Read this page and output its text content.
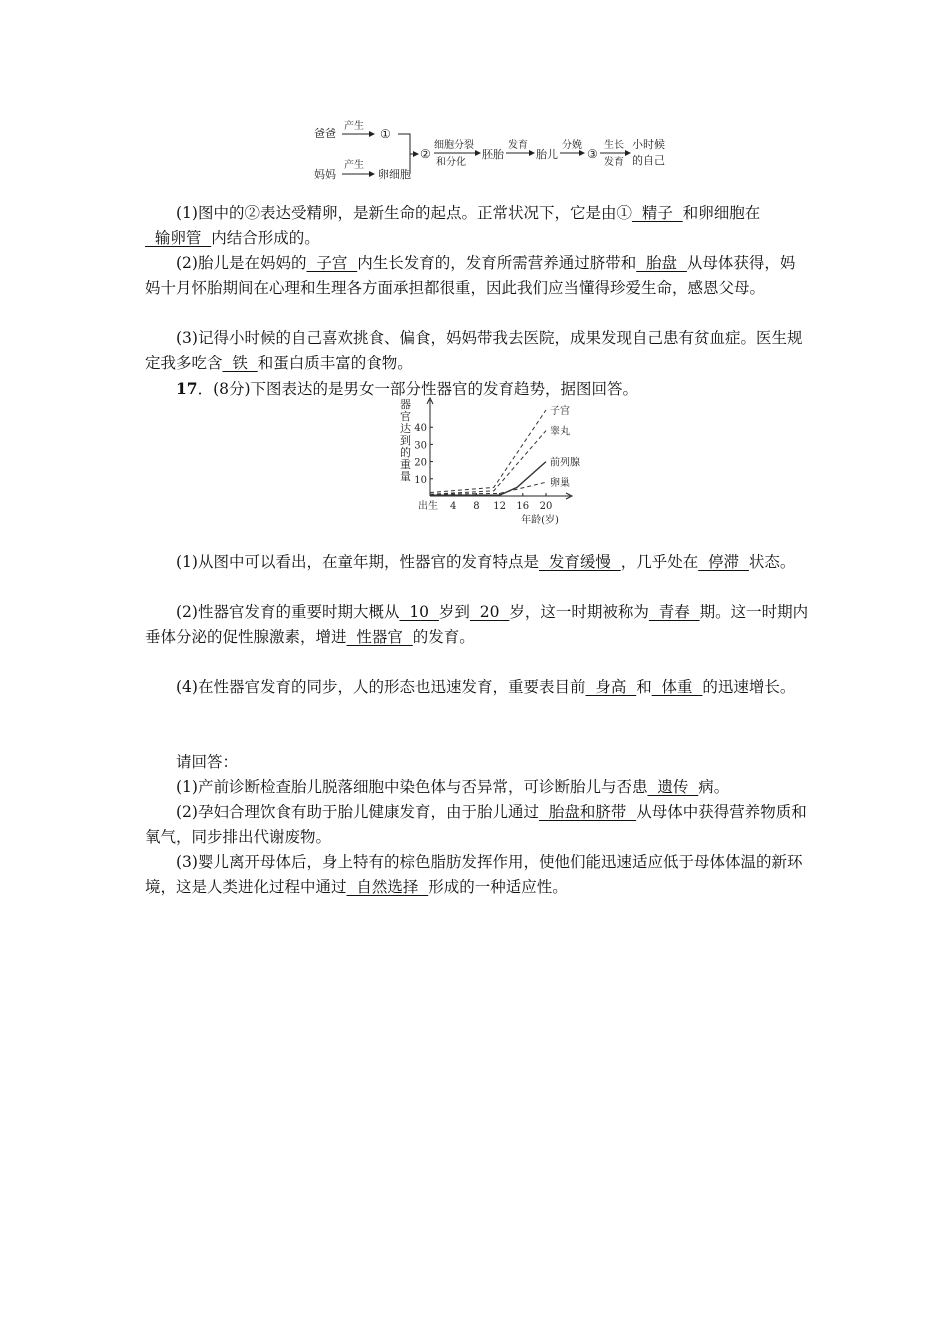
爸爸
产生
①
妈妈
产生
卵细胞
②
细胞分裂
和分化
胚胎
发育
胎儿
分娩
③
生长
发育
小时候
的自己
(1)图中的②表达受精卵，是新生命的起点。正常状况下，它是由①  精子  和卵细胞在  输卵管  内结合形成的。
(2)胎儿是在妈妈的  子宫  内生长发育的，发育所需营养通过脐带和  胎盘  从母体获得，妈妈十月怀胎期间在心理和生理各方面承担都很重，因此我们应当懂得珍爱生命，感恩父母。
(3)记得小时候的自己喜欢挑食、偏食，妈妈带我去医院，成果发现自己患有贫血症。医生规定我多吃含  铁  和蛋白质丰富的食物。
17．(8分)下图表达的是男女一部分性器官的发育趋势，据图回答。
器
官
达
到
的
重
量 10
20
30
40
出生 4 8 12 16 20
年龄(岁)
子宫
睾丸
前列腺
卵巢
(1)从图中可以看出，在童年期，性器官的发育特点是  发育缓慢  ，几乎处在  停滞  状态。
(2)性器官发育的重要时期大概从  10  岁到  20  岁，这一时期被称为  青春  期。这一时期内垂体分泌的促性腺激素，增进  性器官  的发育。
(4)在性器官发育的同步，人的形态也迅速发育，重要表目前  身高  和  体重  的迅速增长。
请回答：
(1)产前诊断检查胎儿脱落细胞中染色体与否异常，可诊断胎儿与否患  遗传  病。
(2)孕妇合理饮食有助于胎儿健康发育，由于胎儿通过  胎盘和脐带  从母体中获得营养物质和氧气，同步排出代谢废物。
(3)婴儿离开母体后，身上特有的棕色脂肪发挥作用，使他们能迅速适应低于母体体温的新环境，这是人类进化过程中通过  自然选择  形成的一种适应性。
